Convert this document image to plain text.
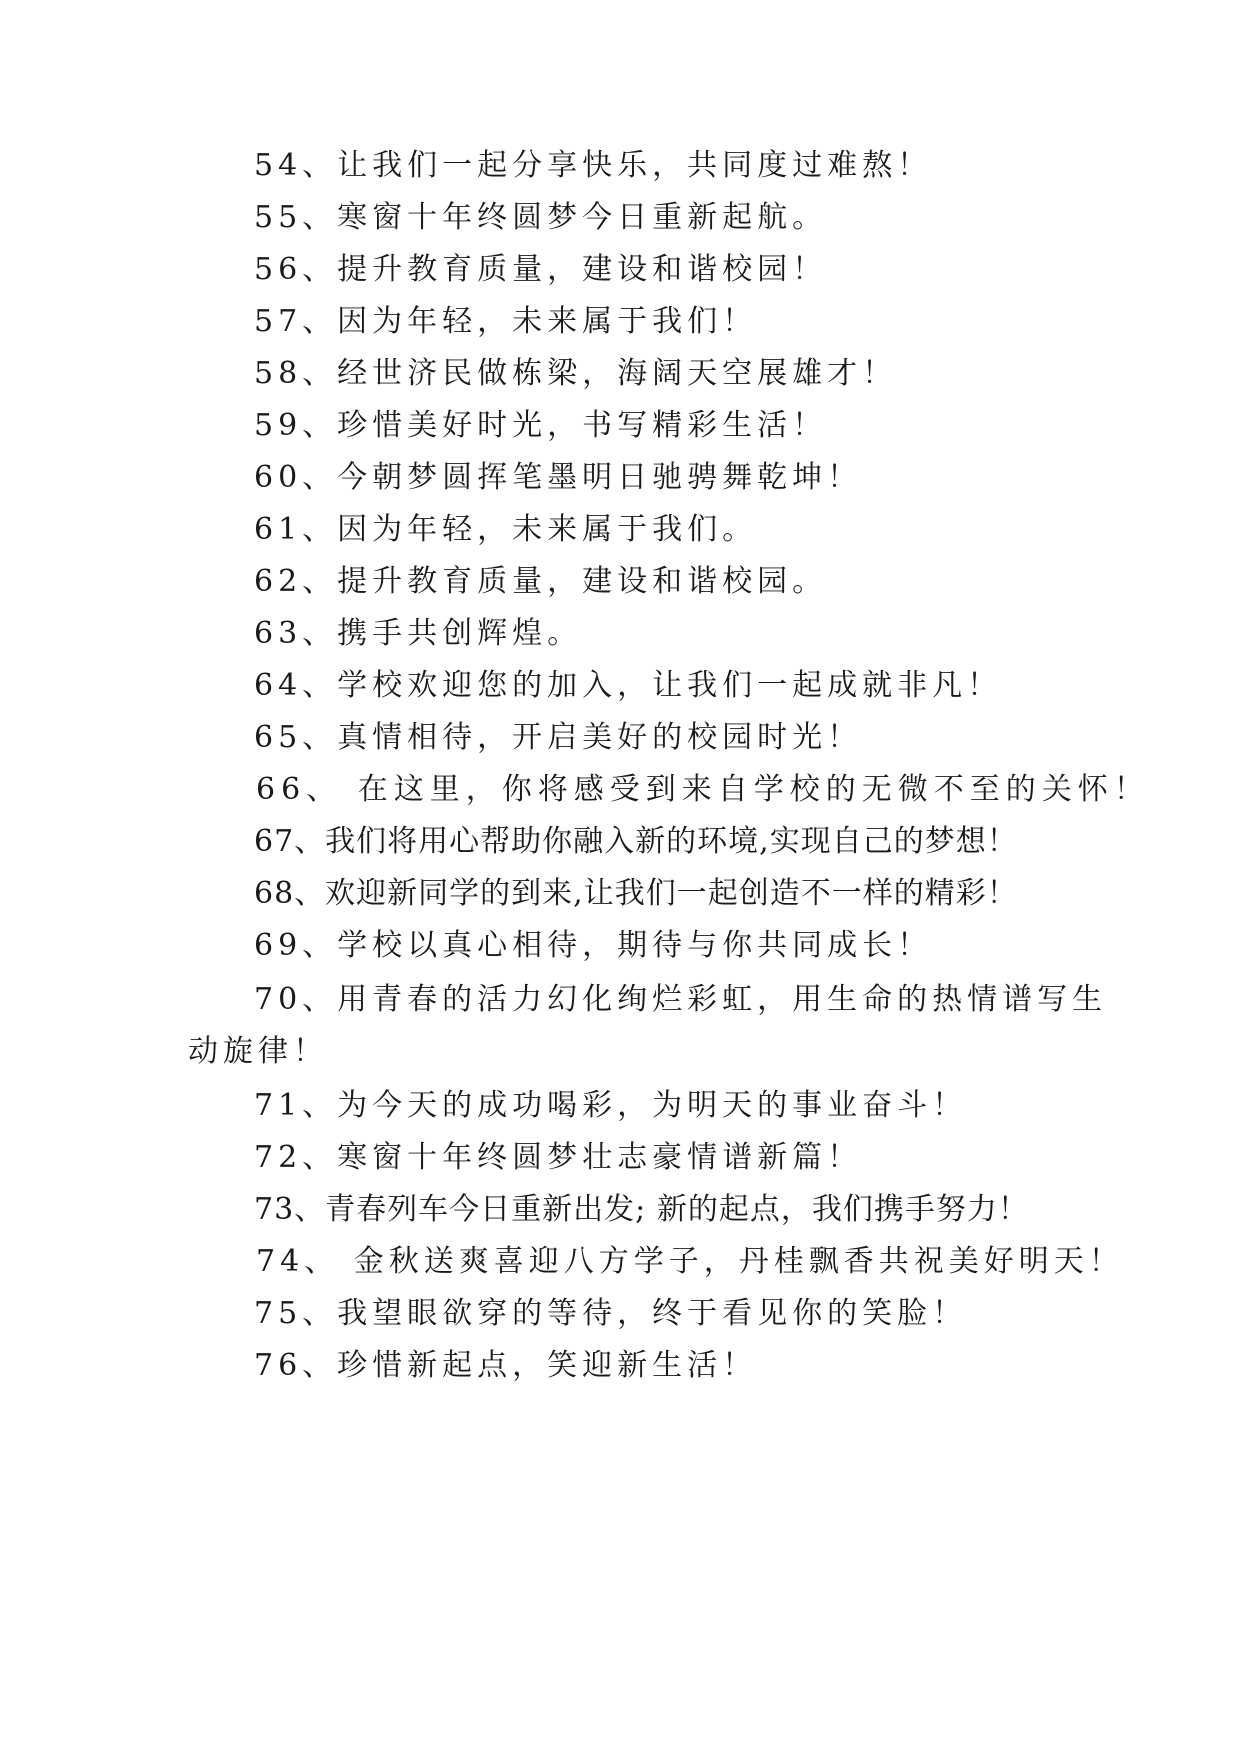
54、让我们一起分享快乐，共同度过难熬！
55、寒窗十年终圆梦今日重新起航。
56、提升教育质量，建设和谐校园！
57、因为年轻，未来属于我们！
58、经世济民做栋梁，海阔天空展雄才！
59、珍惜美好时光，书写精彩生活！
60、今朝梦圆挥笔墨明日驰骋舞乾坤！
61、因为年轻，未来属于我们。
62、提升教育质量，建设和谐校园。
63、携手共创辉煌。
64、学校欢迎您的加入，让我们一起成就非凡！
65、真情相待，开启美好的校园时光！
66、 在这里，你将感受到来自学校的无微不至的关怀！
67、我们将用心帮助你融入新的环境,实现自己的梦想！
68、欢迎新同学的到来,让我们一起创造不一样的精彩！
69、学校以真心相待，期待与你共同成长！
70、用青春的活力幻化绚烂彩虹，用生命的热情谱写生
动旋律！
71、为今天的成功喝彩，为明天的事业奋斗！
72、寒窗十年终圆梦壮志豪情谱新篇！
73、青春列车今日重新出发; 新的起点，我们携手努力！
74、 金秋送爽喜迎八方学子，丹桂飘香共祝美好明天！
75、我望眼欲穿的等待，终于看见你的笑脸！
76、珍惜新起点，笑迎新生活！
